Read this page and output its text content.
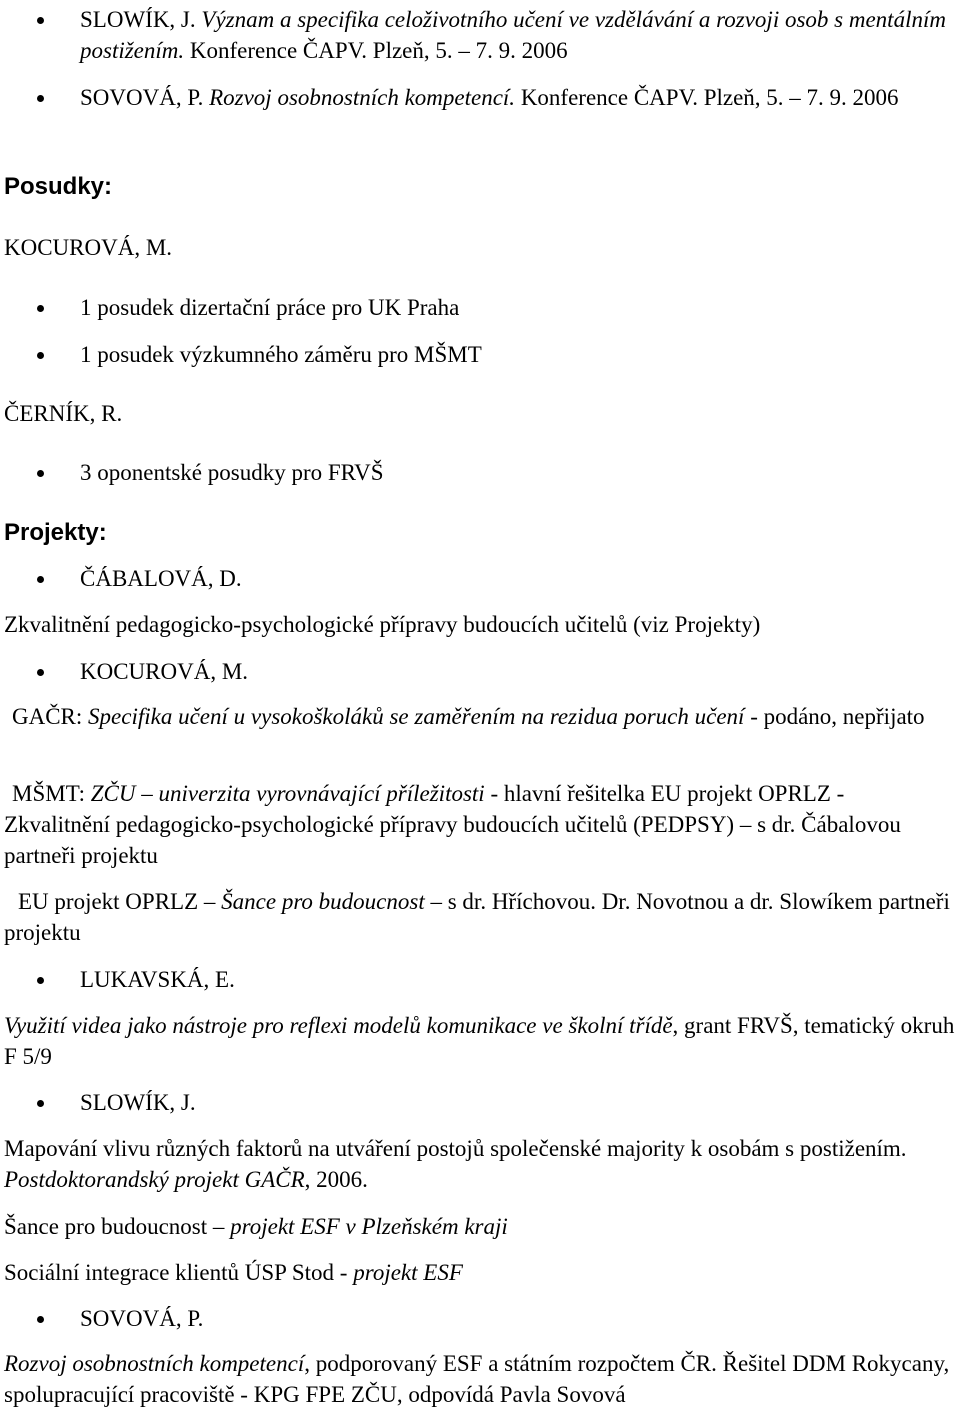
SLOWÍK, J. Význam a specifika celoživotního učení ve vzdělávání a rozvoji osob s mentálním postižením. Konference ČAPV. Plzeň, 5. – 7. 9. 2006

SOVOVÁ, P. Rozvoj osobnostních kompetencí. Konference ČAPV. Plzeň, 5. – 7. 9. 2006

Posudky:

KOCUROVÁ, M.

1 posudek dizertační práce pro UK Praha

1 posudek výzkumného záměru pro MŠMT

ČERNÍK, R.

3 oponentské posudky pro FRVŠ

Projekty:

ČÁBALOVÁ, D.

Zkvalitnění pedagogicko-psychologické přípravy budoucích učitelů (viz Projekty)

KOCUROVÁ, M.

GAČR: Specifika učení u vysokoškoláků se zaměřením na rezidua poruch učení - podáno, nepřijato

MŠMT: ZČU – univerzita vyrovnávající příležitosti - hlavní řešitelka EU projekt OPRLZ - Zkvalitnění pedagogicko-psychologické přípravy budoucích učitelů (PEDPSY) – s dr. Čábalovou partneři projektu

EU projekt OPRLZ – Šance pro budoucnost – s dr. Hříchovou. Dr. Novotnou a dr. Slowíkem partneři projektu

LUKAVSKÁ, E.

Využití videa jako nástroje pro reflexi modelů komunikace ve školní třídě, grant FRVŠ, tematický okruh F 5/9

SLOWÍK, J.

Mapování vlivu různých faktorů na utváření postojů společenské majority k osobám s postižením. Postdoktorandský projekt GAČR, 2006.

Šance pro budoucnost – projekt ESF v Plzeňském kraji

Sociální integrace klientů ÚSP Stod - projekt ESF

SOVOVÁ, P.

Rozvoj osobnostních kompetencí, podporovaný ESF a státním rozpočtem ČR. Řešitel DDM Rokycany, spolupracující pracoviště - KPG FPE ZČU, odpovídá Pavla Sovová
